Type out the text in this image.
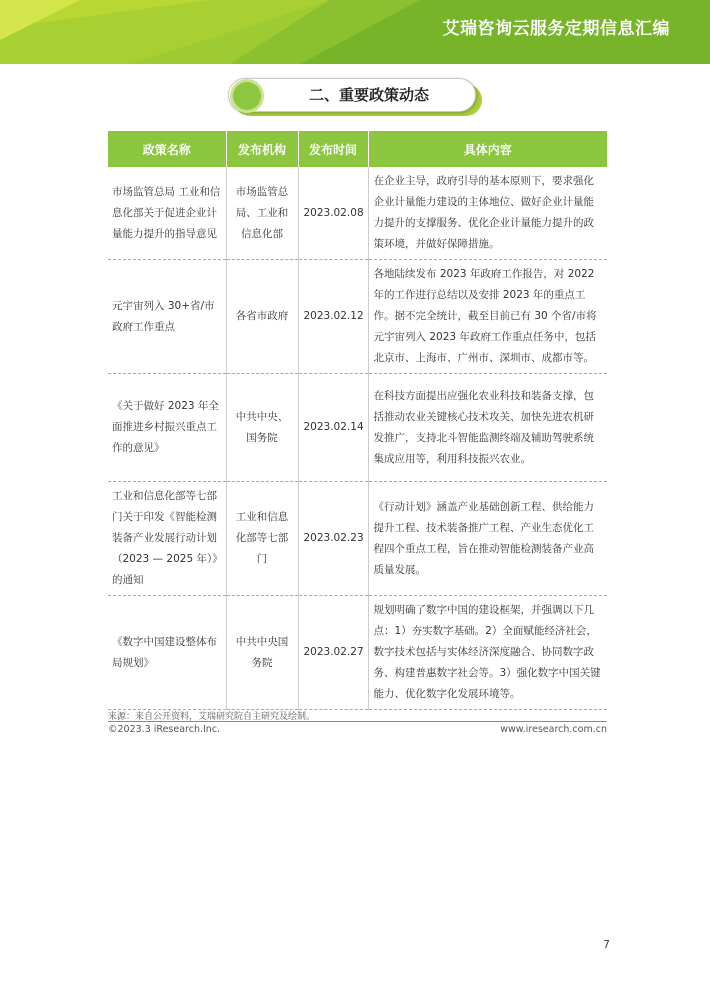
艾瑞咨询云服务定期信息汇编
二、重要政策动态
政策名称	发布机构	发布时间	具体内容
市场监管总局 工业和信息化部关于促进企业计量能力提升的指导意见	市场监管总局、工业和信息化部	2023.02.08	在企业主导，政府引导的基本原则下，要求强化企业计量能力建设的主体地位、做好企业计量能力提升的支撑服务、优化企业计量能力提升的政策环境，并做好保障措施。
元宇宙列入 30+省/市政府工作重点	各省市政府	2023.02.12	各地陆续发布 2023 年政府工作报告，对 2022 年的工作进行总结以及安排 2023 年的重点工作。据不完全统计，截至目前已有 30 个省/市将元宇宙列入 2023 年政府工作重点任务中，包括北京市、上海市、广州市、深圳市、成都市等。
《关于做好 2023 年全面推进乡村振兴重点工作的意见》	中共中央、国务院	2023.02.14	在科技方面提出应强化农业科技和装备支撑，包括推动农业关键核心技术攻关、加快先进农机研发推广，支持北斗智能监测终端及辅助驾驶系统集成应用等，利用科技振兴农业。
工业和信息化部等七部门关于印发《智能检测装备产业发展行动计划 （2023 — 2025 年）》的通知	工业和信息化部等七部门	2023.02.23	《行动计划》涵盖产业基础创新工程、供给能力提升工程、技术装备推广工程、产业生态优化工程四个重点工程，旨在推动智能检测装备产业高质量发展。
《数字中国建设整体布局规划》	中共中央国务院	2023.02.27	规划明确了数字中国的建设框架，并强调以下几点：1）夯实数字基础。2）全面赋能经济社会，数字技术包括与实体经济深度融合、协同数字政务、构建普惠数字社会等。3）强化数字中国关键能力、优化数字化发展环境等。
来源：来自公开资料，艾瑞研究院自主研究及绘制。
©2023.3 iResearch.Inc.	www.iresearch.com.cn
7
